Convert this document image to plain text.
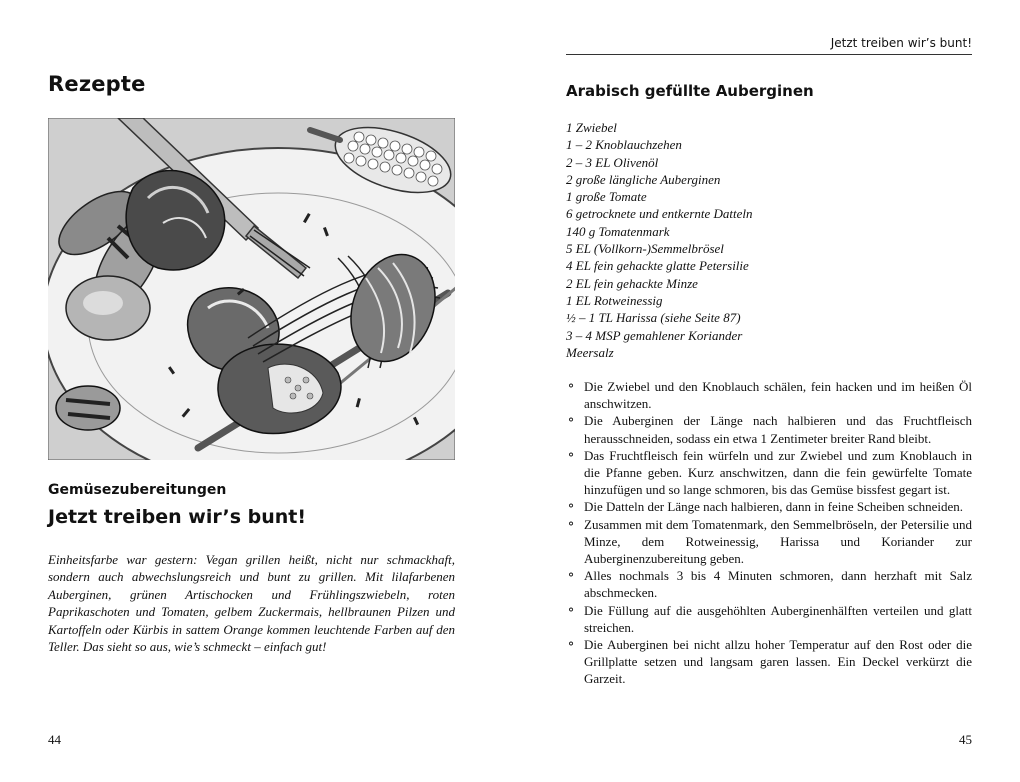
Rezepte
Gemüsezubereitungen
Jetzt treiben wir’s bunt!

Einheitsfarbe war gestern: Vegan grillen heißt, nicht nur schmackhaft, sondern auch abwechslungsreich und bunt zu grillen. Mit lilafarbenen Auberginen, grünen Artischocken und Frühlingszwiebeln, roten Paprikaschoten und Tomaten, gelbem Zuckermais, hellbraunen Pilzen und Kartoffeln oder Kürbis in sattem Orange kommen leuchtende Farben auf den Teller. Das sieht so aus, wie’s schmeckt – einfach gut!

44
Jetzt treiben wir’s bunt!
Arabisch gefüllte Auberginen
1 Zwiebel
1 – 2 Knoblauchzehen
2 – 3 EL Olivenöl
2 große längliche Auberginen
1 große Tomate
6 getrocknete und entkernte Datteln
140 g Tomatenmark
5 EL (Vollkorn-)Semmelbrösel
4 EL fein gehackte glatte Petersilie
2 EL fein gehackte Minze
1 EL Rotweinessig
½ – 1 TL Harissa (siehe Seite 87)
3 – 4 MSP gemahlener Koriander
Meersalz
⚬ Die Zwiebel und den Knoblauch schälen, fein hacken und im heißen Öl anschwitzen.
⚬ Die Auberginen der Länge nach halbieren und das Fruchtfleisch herausschneiden, sodass ein etwa 1 Zentimeter breiter Rand bleibt.
⚬ Das Fruchtfleisch fein würfeln und zur Zwiebel und zum Knoblauch in die Pfanne geben. Kurz anschwitzen, dann die fein gewürfelte Tomate hinzufügen und so lange schmoren, bis das Gemüse bissfest gegart ist.
⚬ Die Datteln der Länge nach halbieren, dann in feine Scheiben schneiden.
⚬ Zusammen mit dem Tomatenmark, den Semmelbröseln, der Petersilie und Minze, dem Rotweinessig, Harissa und Koriander zur Auberginenzubereitung geben.
⚬ Alles nochmals 3 bis 4 Minuten schmoren, dann herzhaft mit Salz abschmecken.
⚬ Die Füllung auf die ausgehöhlten Auberginenhälften verteilen und glatt streichen.
⚬ Die Auberginen bei nicht allzu hoher Temperatur auf den Rost oder die Grillplatte setzen und langsam garen lassen. Ein Deckel verkürzt die Garzeit.
45
